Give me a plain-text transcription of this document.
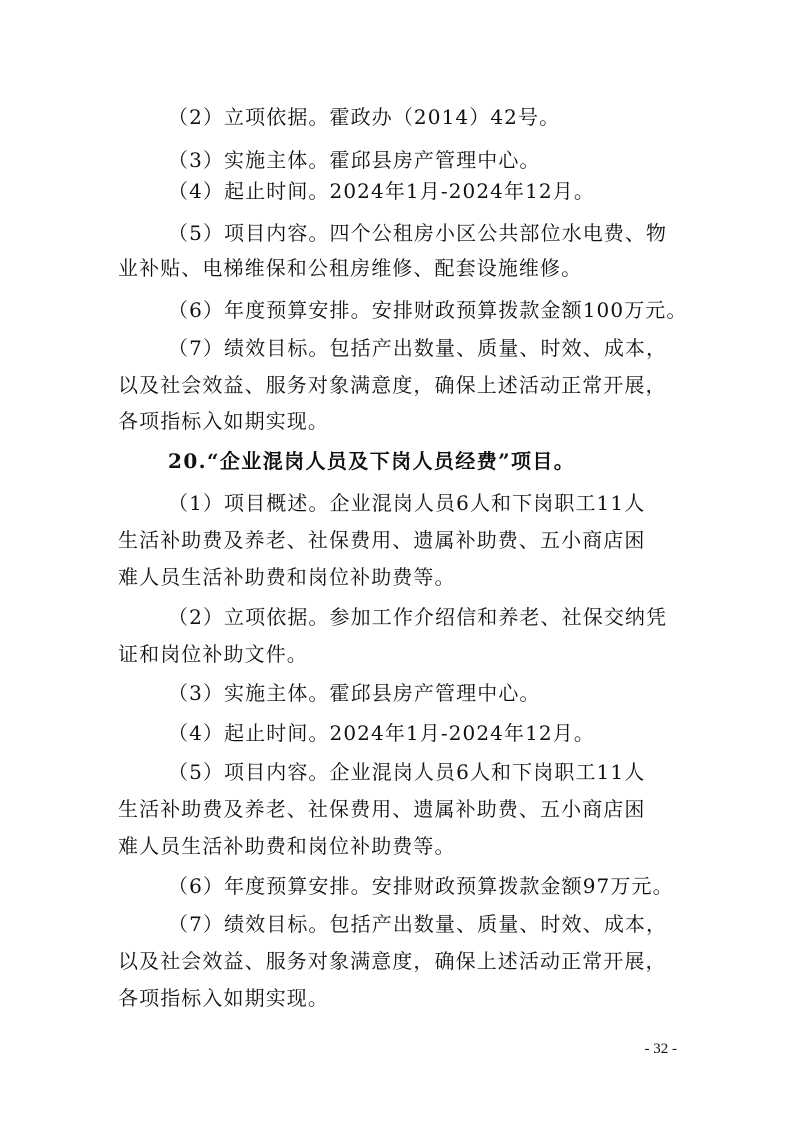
（2）立项依据。霍政办（2014）42号。
（3）实施主体。霍邱县房产管理中心。
（4）起止时间。2024年1月-2024年12月。
（5）项目内容。四个公租房小区公共部位水电费、物
业补贴、电梯维保和公租房维修、配套设施维修。
（6）年度预算安排。安排财政预算拨款金额100万元。
（7）绩效目标。包括产出数量、质量、时效、成本，
以及社会效益、服务对象满意度，确保上述活动正常开展，
各项指标入如期实现。
20.“企业混岗人员及下岗人员经费”项目。
（1）项目概述。企业混岗人员6人和下岗职工11人
生活补助费及养老、社保费用、遗属补助费、五小商店困
难人员生活补助费和岗位补助费等。
（2）立项依据。参加工作介绍信和养老、社保交纳凭
证和岗位补助文件。
（3）实施主体。霍邱县房产管理中心。
（4）起止时间。2024年1月-2024年12月。
（5）项目内容。企业混岗人员6人和下岗职工11人
生活补助费及养老、社保费用、遗属补助费、五小商店困
难人员生活补助费和岗位补助费等。
（6）年度预算安排。安排财政预算拨款金额97万元。
（7）绩效目标。包括产出数量、质量、时效、成本，
以及社会效益、服务对象满意度，确保上述活动正常开展，
各项指标入如期实现。
- 32 -
